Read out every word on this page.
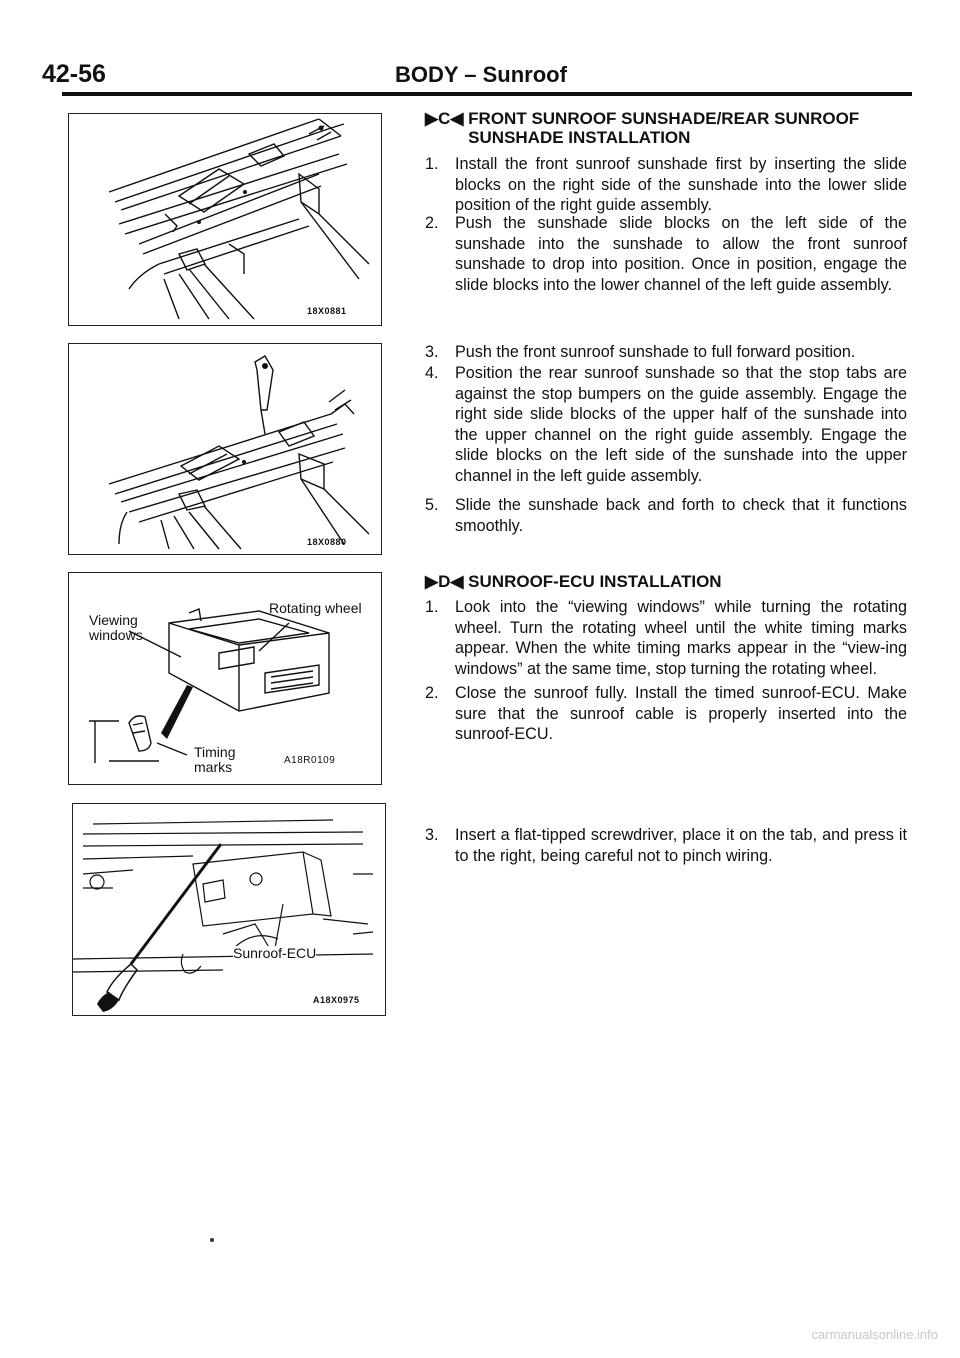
42-56	BODY – Sunroof
18X0881
18X0880
Viewing
windows
Rotating wheel
Timing
marks	A18R0109
Sunroof-ECU
A18X0975
▶C◀ FRONT SUNROOF SUNSHADE/REAR SUNROOF
SUNSHADE INSTALLATION
1. Install the front sunroof sunshade first by inserting the slide blocks on the right side of the sunshade into the lower slide position of the right guide assembly.
2. Push the sunshade slide blocks on the left side of the sunshade into the sunshade to allow the front sunroof sunshade to drop into position. Once in position, engage the slide blocks into the lower channel of the left guide assembly.
3. Push the front sunroof sunshade to full forward position.
4. Position the rear sunroof sunshade so that the stop tabs are against the stop bumpers on the guide assembly. Engage the right side slide blocks of the upper half of the sunshade into the upper channel on the right guide assembly. Engage the slide blocks on the left side of the sunshade into the upper channel in the left guide assembly.
5. Slide the sunshade back and forth to check that it functions smoothly.
▶D◀ SUNROOF-ECU INSTALLATION
1. Look into the “viewing windows” while turning the rotating wheel. Turn the rotating wheel until the white timing marks appear. When the white timing marks appear in the “view-ing windows” at the same time, stop turning the rotating wheel.
2. Close the sunroof fully. Install the timed sunroof-ECU. Make sure that the sunroof cable is properly inserted into the sunroof-ECU.
3. Insert a flat-tipped screwdriver, place it on the tab, and press it to the right, being careful not to pinch wiring.
carmanualsonline.info
